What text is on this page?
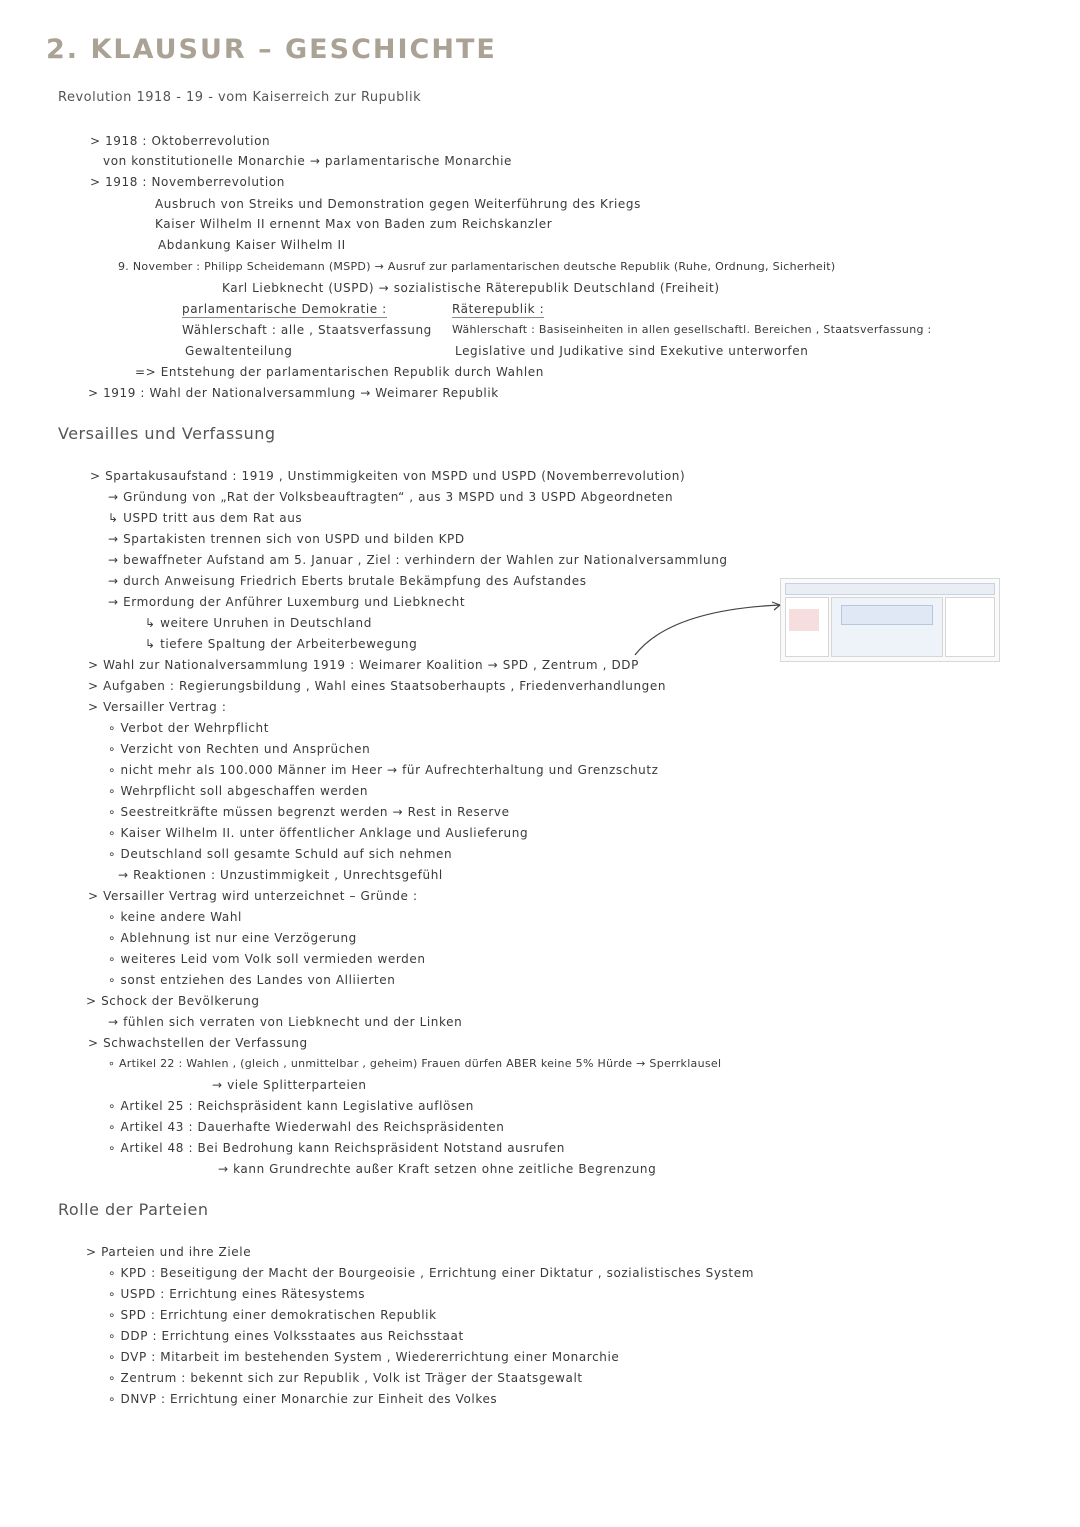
2. KLAUSUR – GESCHICHTE
Revolution 1918 - 19 - vom Kaiserreich zur Rupublik
> 1918 : Oktoberrevolution
von konstitutionelle Monarchie → parlamentarische Monarchie
> 1918 : Novemberrevolution
Ausbruch von Streiks und Demonstration gegen Weiterführung des Kriegs
Kaiser Wilhelm II ernennt Max von Baden zum Reichskanzler
Abdankung Kaiser Wilhelm II
9. November : Philipp Scheidemann (MSPD) → Ausruf zur parlamentarischen deutsche Republik (Ruhe, Ordnung, Sicherheit)
Karl Liebknecht (USPD) → sozialistische Räterepublik Deutschland (Freiheit)
parlamentarische Demokratie :	Räterepublik :
Wählerschaft : alle , Staatsverfassung Wählerschaft : Basiseinheiten in allen gesellschaftl. Bereichen , Staatsverfassung :
Gewaltenteilung	Legislative und Judikative sind Exekutive unterworfen
=> Entstehung der parlamentarischen Republik durch Wahlen
> 1919 : Wahl der Nationalversammlung → Weimarer Republik
Versailles und Verfassung
> Spartakusaufstand : 1919 , Unstimmigkeiten von MSPD und USPD (Novemberrevolution)
→ Gründung von „Rat der Volksbeauftragten“ , aus 3 MSPD und 3 USPD Abgeordneten
↳ USPD tritt aus dem Rat aus
→ Spartakisten trennen sich von USPD und bilden KPD
→ bewaffneter Aufstand am 5. Januar , Ziel : verhindern der Wahlen zur Nationalversammlung
→ durch Anweisung Friedrich Eberts brutale Bekämpfung des Aufstandes
→ Ermordung der Anführer Luxemburg und Liebknecht
↳ weitere Unruhen in Deutschland
↳ tiefere Spaltung der Arbeiterbewegung
> Wahl zur Nationalversammlung 1919 : Weimarer Koalition → SPD , Zentrum , DDP
> Aufgaben : Regierungsbildung , Wahl eines Staatsoberhaupts , Friedenverhandlungen
> Versailler Vertrag :
∘ Verbot der Wehrpflicht
∘ Verzicht von Rechten und Ansprüchen
∘ nicht mehr als 100.000 Männer im Heer → für Aufrechterhaltung und Grenzschutz
∘ Wehrpflicht soll abgeschaffen werden
∘ Seestreitkräfte müssen begrenzt werden → Rest in Reserve
∘ Kaiser Wilhelm II. unter öffentlicher Anklage und Auslieferung
∘ Deutschland soll gesamte Schuld auf sich nehmen
→ Reaktionen : Unzustimmigkeit , Unrechtsgefühl
> Versailler Vertrag wird unterzeichnet – Gründe :
∘ keine andere Wahl
∘ Ablehnung ist nur eine Verzögerung
∘ weiteres Leid vom Volk soll vermieden werden
∘ sonst entziehen des Landes von Alliierten
> Schock der Bevölkerung
→ fühlen sich verraten von Liebknecht und der Linken
> Schwachstellen der Verfassung
∘ Artikel 22 : Wahlen , (gleich , unmittelbar , geheim) Frauen dürfen ABER keine 5% Hürde → Sperrklausel
→ viele Splitterparteien
∘ Artikel 25 : Reichspräsident kann Legislative auflösen
∘ Artikel 43 : Dauerhafte Wiederwahl des Reichspräsidenten
∘ Artikel 48 : Bei Bedrohung kann Reichspräsident Notstand ausrufen
→ kann Grundrechte außer Kraft setzen ohne zeitliche Begrenzung
Rolle der Parteien
> Parteien und ihre Ziele
∘ KPD : Beseitigung der Macht der Bourgeoisie , Errichtung einer Diktatur , sozialistisches System
∘ USPD : Errichtung eines Rätesystems
∘ SPD : Errichtung einer demokratischen Republik
∘ DDP : Errichtung eines Volksstaates aus Reichsstaat
∘ DVP : Mitarbeit im bestehenden System , Wiedererrichtung einer Monarchie
∘ Zentrum : bekennt sich zur Republik , Volk ist Träger der Staatsgewalt
∘ DNVP : Errichtung einer Monarchie zur Einheit des Volkes
